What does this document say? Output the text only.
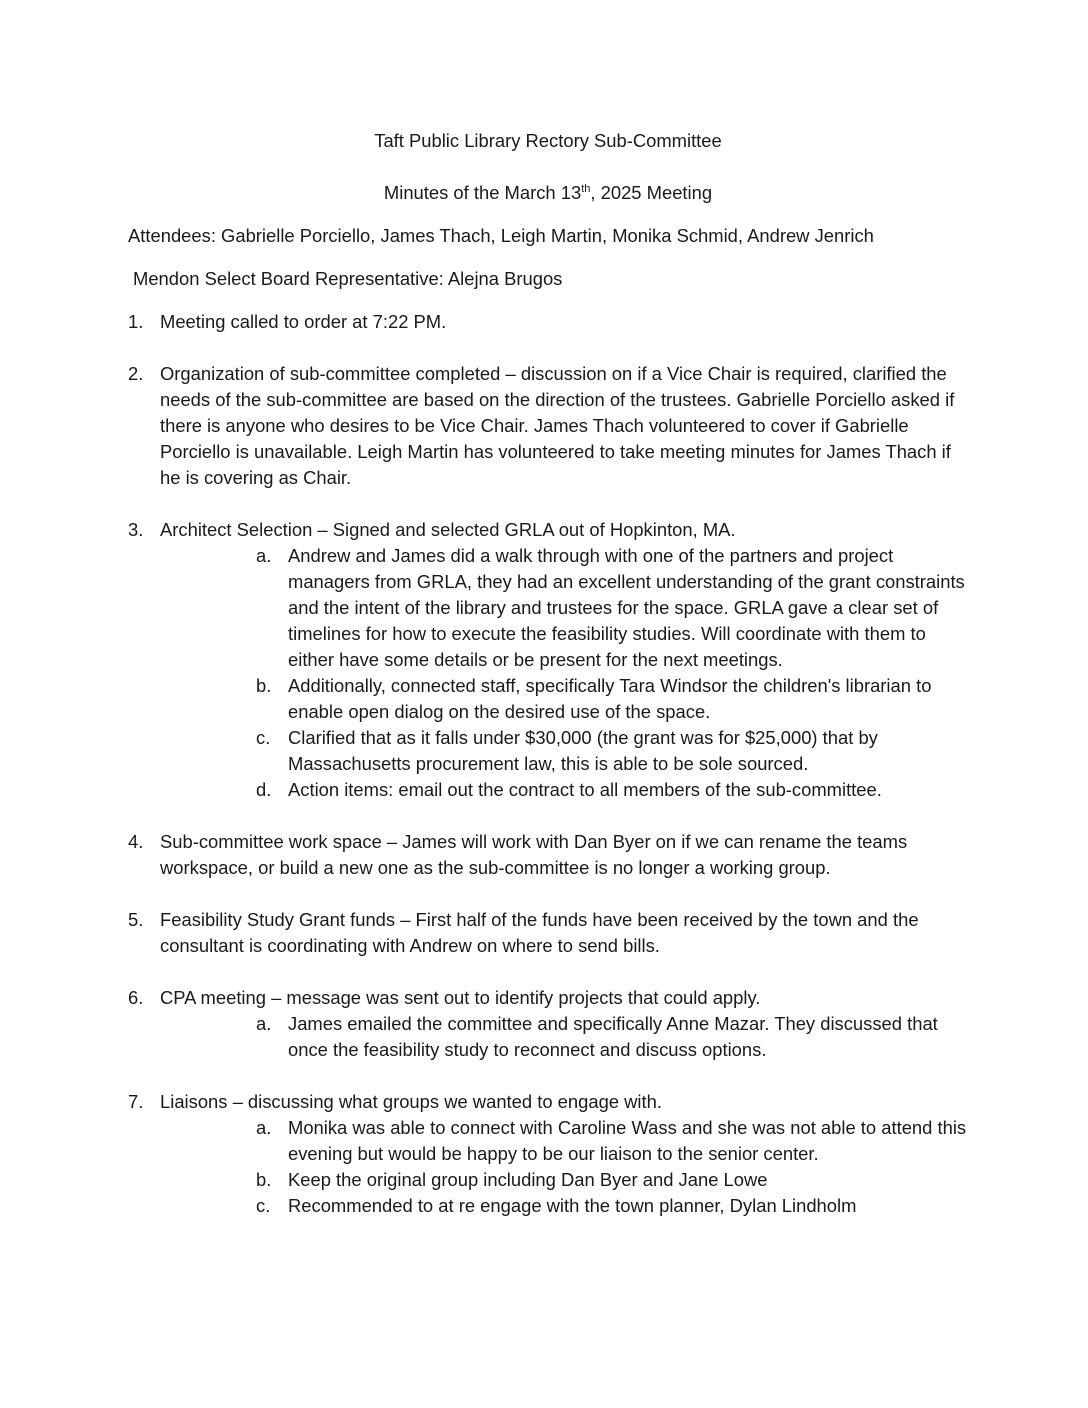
Taft Public Library Rectory Sub-Committee
Minutes of the March 13th, 2025 Meeting
Attendees: Gabrielle Porciello, James Thach, Leigh Martin, Monika Schmid, Andrew Jenrich
Mendon Select Board Representative: Alejna Brugos
1. Meeting called to order at 7:22 PM.
2. Organization of sub-committee completed – discussion on if a Vice Chair is required, clarified the needs of the sub-committee are based on the direction of the trustees. Gabrielle Porciello asked if there is anyone who desires to be Vice Chair. James Thach volunteered to cover if Gabrielle Porciello is unavailable. Leigh Martin has volunteered to take meeting minutes for James Thach if he is covering as Chair.
3. Architect Selection – Signed and selected GRLA out of Hopkinton, MA.
a. Andrew and James did a walk through with one of the partners and project managers from GRLA, they had an excellent understanding of the grant constraints and the intent of the library and trustees for the space. GRLA gave a clear set of timelines for how to execute the feasibility studies. Will coordinate with them to either have some details or be present for the next meetings.
b. Additionally, connected staff, specifically Tara Windsor the children's librarian to enable open dialog on the desired use of the space.
c. Clarified that as it falls under $30,000 (the grant was for $25,000) that by Massachusetts procurement law, this is able to be sole sourced.
d. Action items: email out the contract to all members of the sub-committee.
4. Sub-committee work space – James will work with Dan Byer on if we can rename the teams workspace, or build a new one as the sub-committee is no longer a working group.
5. Feasibility Study Grant funds – First half of the funds have been received by the town and the consultant is coordinating with Andrew on where to send bills.
6. CPA meeting – message was sent out to identify projects that could apply.
a. James emailed the committee and specifically Anne Mazar. They discussed that once the feasibility study to reconnect and discuss options.
7. Liaisons – discussing what groups we wanted to engage with.
a. Monika was able to connect with Caroline Wass and she was not able to attend this evening but would be happy to be our liaison to the senior center.
b. Keep the original group including Dan Byer and Jane Lowe
c. Recommended to at re engage with the town planner, Dylan Lindholm
